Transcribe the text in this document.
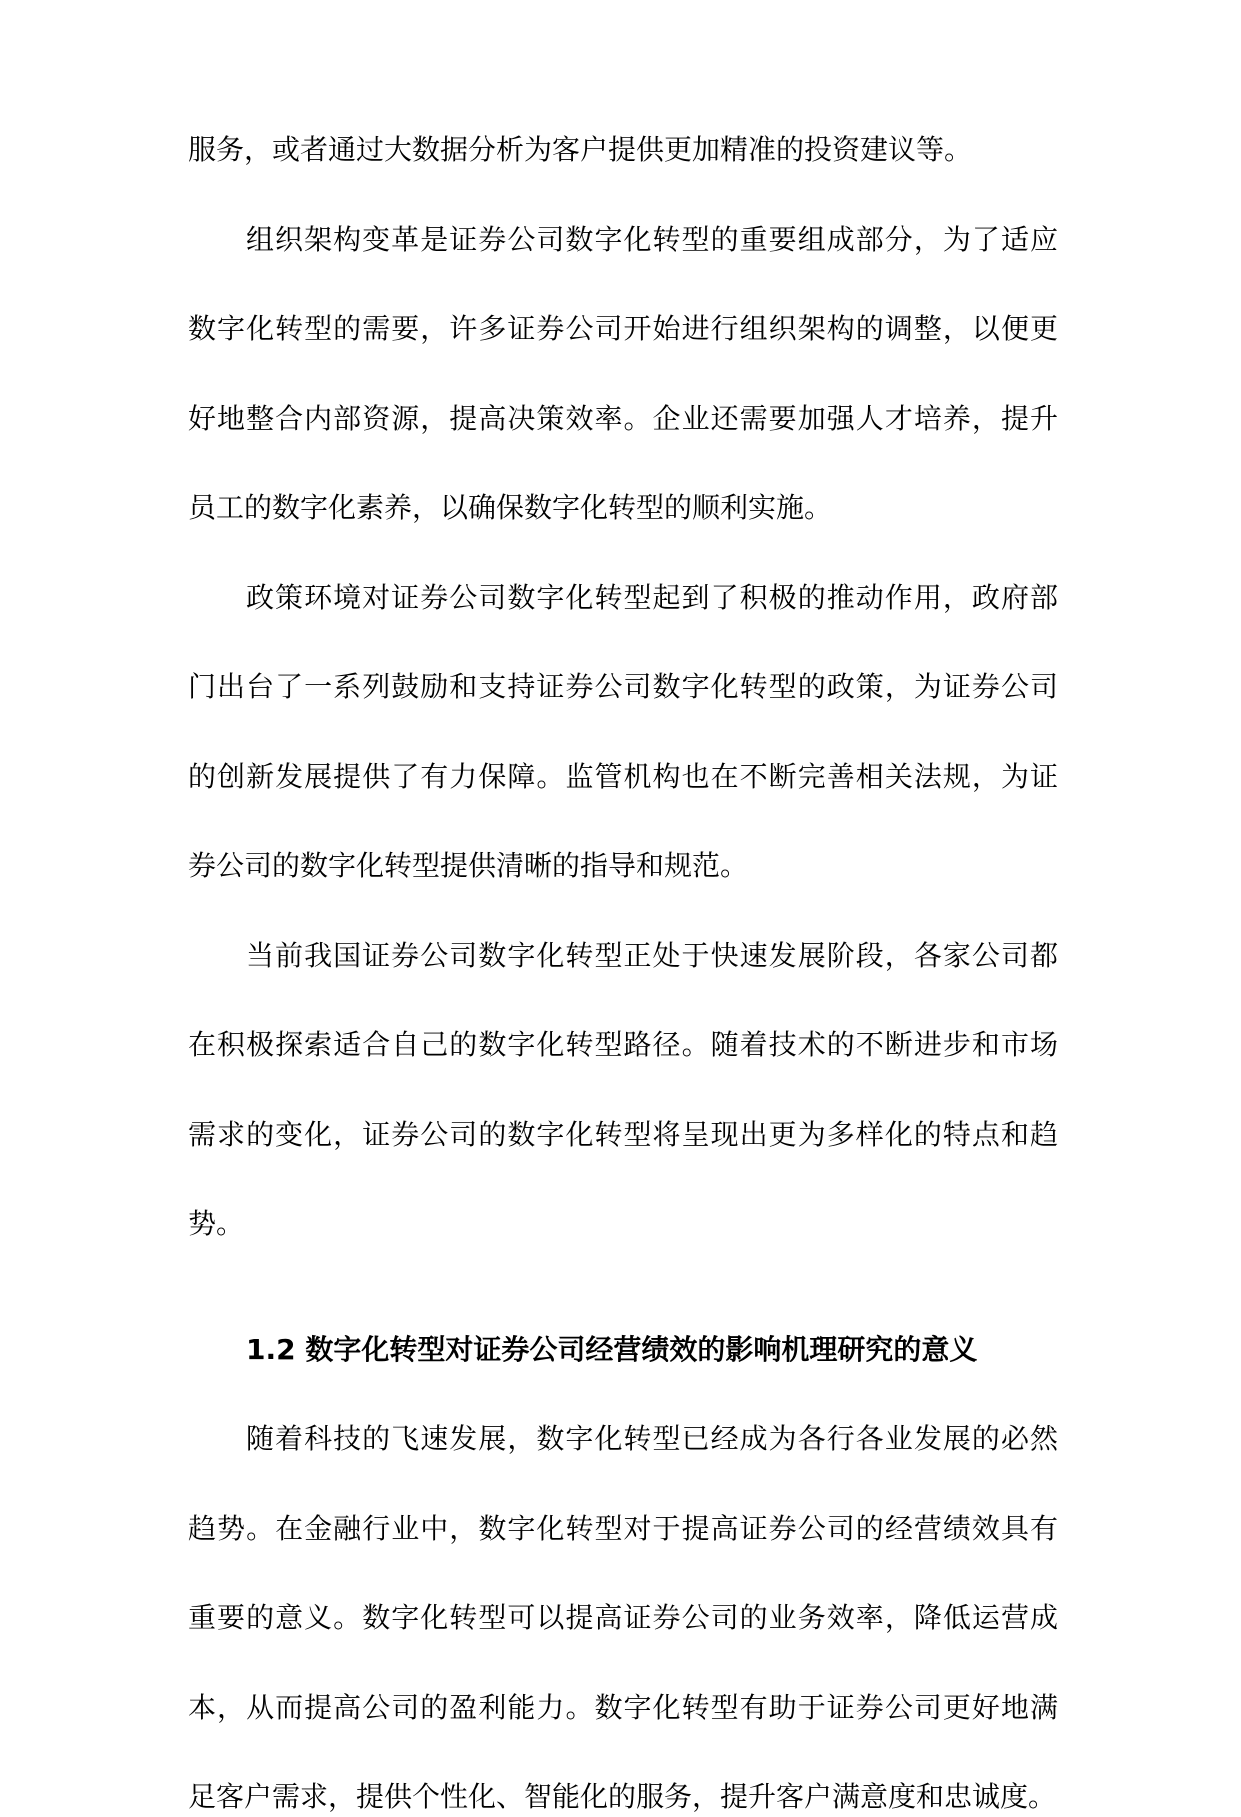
服务，或者通过大数据分析为客户提供更加精准的投资建议等。
组织架构变革是证券公司数字化转型的重要组成部分，为了适应
数字化转型的需要，许多证券公司开始进行组织架构的调整，以便更
好地整合内部资源，提高决策效率。企业还需要加强人才培养，提升
员工的数字化素养，以确保数字化转型的顺利实施。
政策环境对证券公司数字化转型起到了积极的推动作用，政府部
门出台了一系列鼓励和支持证券公司数字化转型的政策，为证券公司
的创新发展提供了有力保障。监管机构也在不断完善相关法规，为证
券公司的数字化转型提供清晰的指导和规范。
当前我国证券公司数字化转型正处于快速发展阶段，各家公司都
在积极探索适合自己的数字化转型路径。随着技术的不断进步和市场
需求的变化，证券公司的数字化转型将呈现出更为多样化的特点和趋
势。
1.2 数字化转型对证券公司经营绩效的影响机理研究的意义
随着科技的飞速发展，数字化转型已经成为各行各业发展的必然
趋势。在金融行业中，数字化转型对于提高证券公司的经营绩效具有
重要的意义。数字化转型可以提高证券公司的业务效率，降低运营成
本，从而提高公司的盈利能力。数字化转型有助于证券公司更好地满
足客户需求，提供个性化、智能化的服务，提升客户满意度和忠诚度。
